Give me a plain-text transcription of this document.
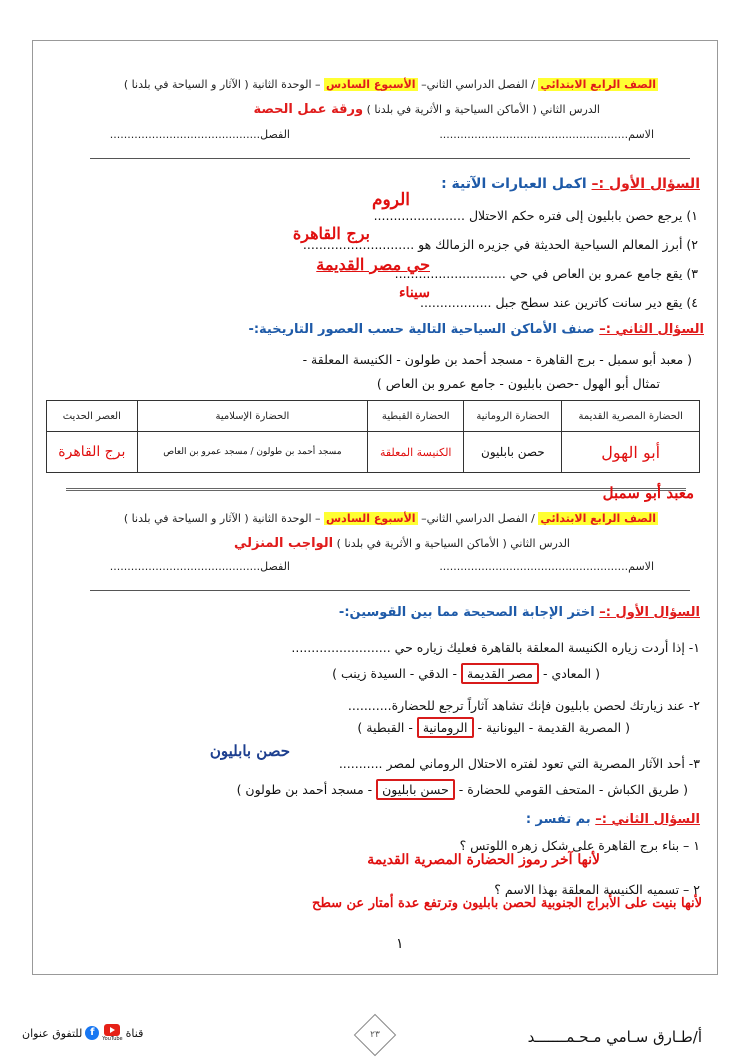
الصف الرابع الابتدائي / الفصل الدراسي الثاني– الأسبوع السادس – الوحدة الثانية ( الآثار و السياحة في بلدنا )
الدرس الثاني ( الأماكن السياحية و الأثرية في بلدنا ) ورقة عمل الحصة
الاسم......................................................
الفصل...........................................
السؤال الأول :– اكمل العبارات الآتية :
الروم
١) يرجع حصن بابليون إلى فتره حكم الاحتلال .......................
برج القاهرة
٢) أبرز المعالم السياحية الحديثة في جزيره الزمالك هو ............................
حي مصر القديمة
٣) يقع جامع عمرو بن العاص في حي ............................
سيناء
٤) يقع دير سانت كاترين عند سطح جبل ..................
السؤال الثاني :– صنف الأماكن السياحية التالية حسب العصور التاريخية:-
( معبد أبو سمبل - برج القاهرة - مسجد أحمد بن طولون - الكنيسة المعلقة -
تمثال أبو الهول -حصن بابليون - جامع عمرو بن العاص )
الحضارة المصرية القديمة	الحضارة الرومانية	الحضارة القبطية	الحضارة الإسلامية	العصر الحديث
أبو الهول	حصن بابليون	الكنيسة المعلقة	مسجد أحمد بن طولون / مسجد عمرو بن العاص	برج القاهرة
معبد أبو سمبل
الصف الرابع الابتدائي / الفصل الدراسي الثاني– الأسبوع السادس – الوحدة الثانية ( الآثار و السياحة في بلدنا )
الدرس الثاني ( الأماكن السياحية و الأثرية في بلدنا ) الواجب المنزلي
الاسم......................................................
الفصل...........................................
السؤال الأول :– اختر الإجابة الصحيحة مما بين القوسين:-
١- إذا أردت زياره الكنيسة المعلقة بالقاهرة فعليك زياره حي .........................
( المعادي - مصر القديمة - الدقي - السيدة زينب )
٢- عند زيارتك لحصن بابليون فإنك تشاهد آثاراً ترجع للحضارة...........
( المصرية القديمة - اليونانية - الرومانية - القبطية )
حصن بابليون
٣- أحد الآثار المصرية التي تعود لفتره الاحتلال الروماني لمصر ...........
( طريق الكباش - المتحف القومي للحضارة - حسن بابليون - مسجد أحمد بن طولون )
السؤال الثاني :– بم تفسر :
١ – بناء برج القاهرة على شكل زهره اللوتس ؟
لأنها آخر رموز الحضارة المصرية القديمة
٢ – تسميه الكنيسة المعلقة بهذا الاسم ؟
لأنها بنيت على الأبراج الجنوبية لحصن بابليون وترتفع عدة أمتار عن سطح
١
أ/طـارق سـامي مـحـمـــــــد
٢٣
قناة
YouTube
f
للتفوق عنوان
